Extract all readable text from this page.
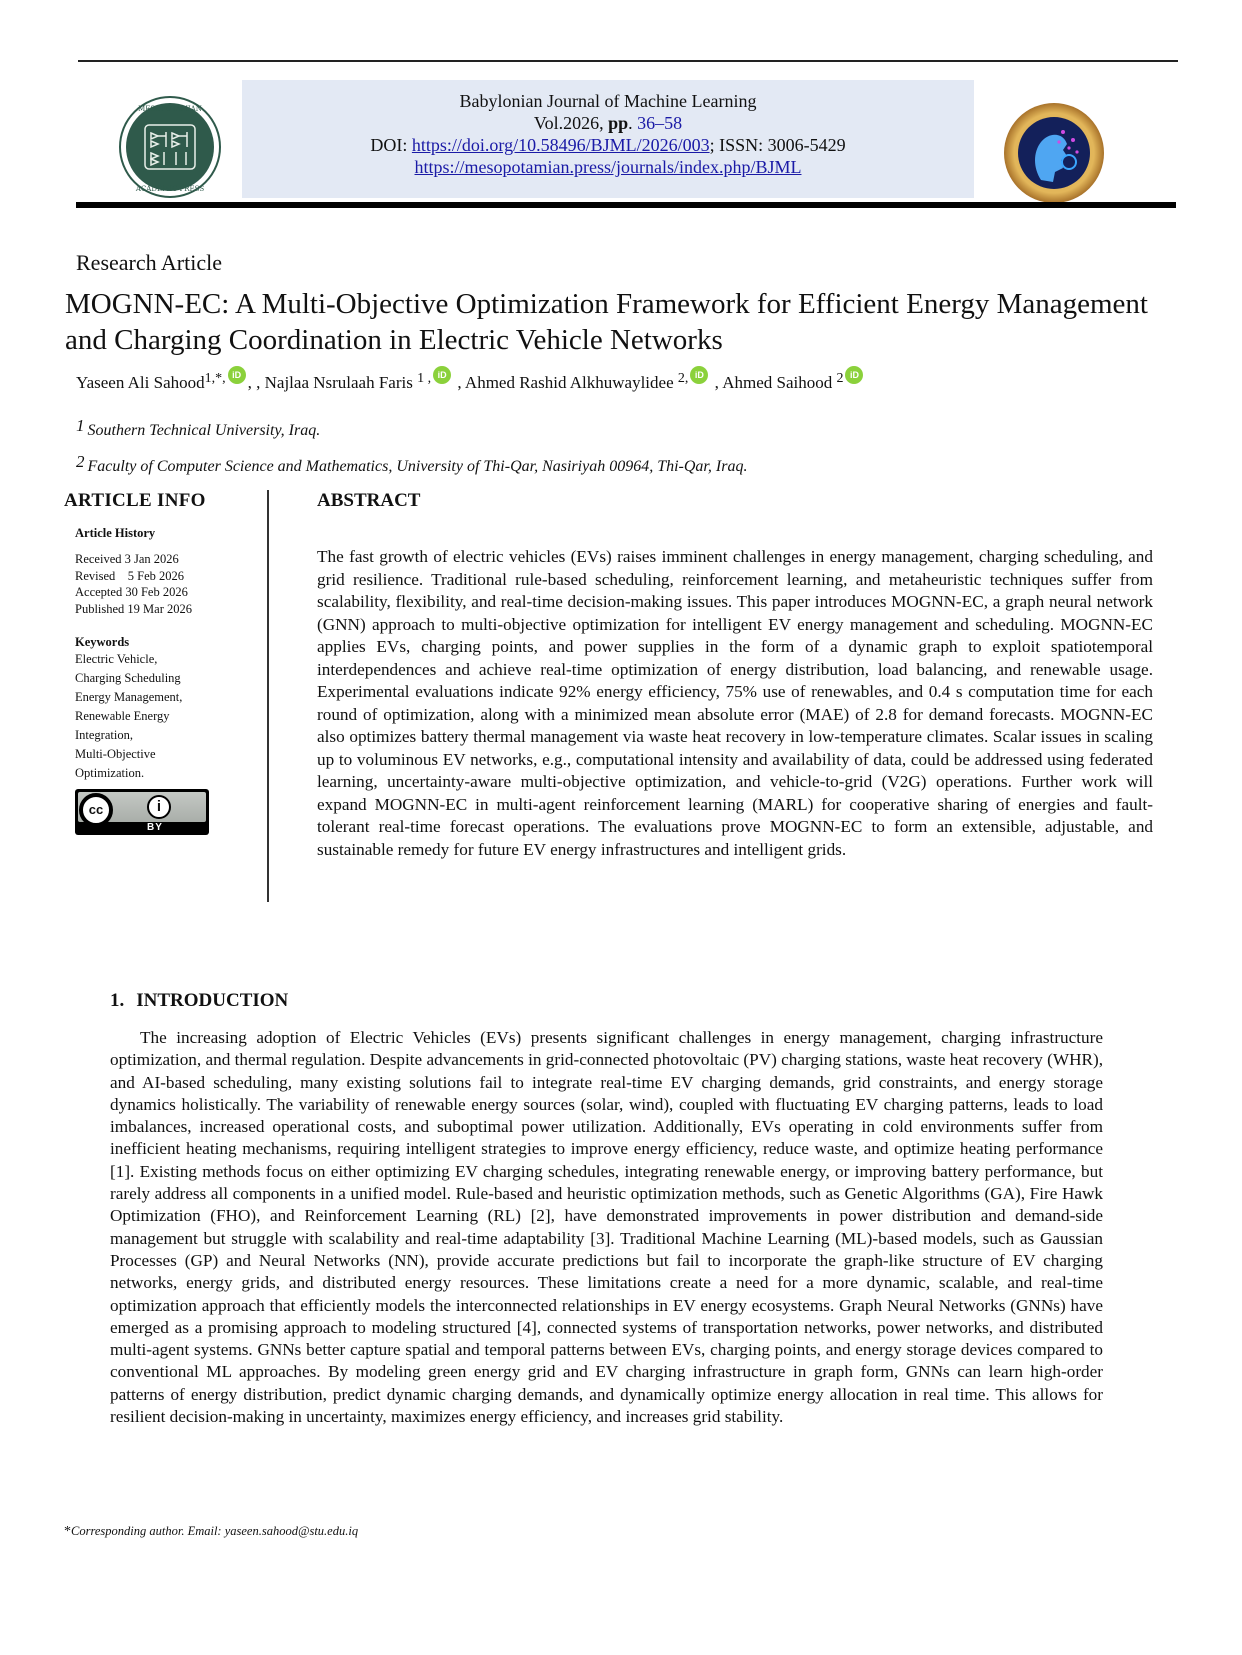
MESOPOTAMIAN
ACADEMIC PRESS
Babylonian Journal of Machine Learning
Vol.2026, pp. 36–58
DOI: https://doi.org/10.58496/BJML/2026/003; ISSN: 3006-5429
https://mesopotamian.press/journals/index.php/BJML
Research Article
MOGNN-EC: A Multi-Objective Optimization Framework for Efficient Energy Management and Charging Coordination in Electric Vehicle Networks
Yaseen Ali Sahood$^{1,*,}$ iD , , Najlaa Nsrulaah Faris $^{1 ,}$ iD , Ahmed Rashid Alkhuwaylidee $^{2,}$ iD , Ahmed Saihood $^2$ iD
$^1$ Southern Technical University, Iraq.
$^2$ Faculty of Computer Science and Mathematics, University of Thi-Qar, Nasiriyah 00964, Thi-Qar, Iraq.
ARTICLE INFO
Article History
Received 3 Jan 2026
Revised    5 Feb 2026
Accepted 30 Feb 2026
Published 19 Mar 2026
Keywords
Electric Vehicle,
Charging Scheduling
Energy Management,
Renewable Energy
Integration,
Multi-Objective
Optimization.
cc	i
BY
ABSTRACT

The fast growth of electric vehicles (EVs) raises imminent challenges in energy management, charging scheduling, and grid resilience. Traditional rule-based scheduling, reinforcement learning, and metaheuristic techniques suffer from scalability, flexibility, and real-time decision-making issues. This paper introduces MOGNN-EC, a graph neural network (GNN) approach to multi-objective optimization for intelligent EV energy management and scheduling. MOGNN-EC applies EVs, charging points, and power supplies in the form of a dynamic graph to exploit spatiotemporal interdependences and achieve real-time optimization of energy distribution, load balancing, and renewable usage. Experimental evaluations indicate 92% energy efficiency, 75% use of renewables, and 0.4 s computation time for each round of optimization, along with a minimized mean absolute error (MAE) of 2.8 for demand forecasts. MOGNN-EC also optimizes battery thermal management via waste heat recovery in low-temperature climates. Scalar issues in scaling up to voluminous EV networks, e.g., computational intensity and availability of data, could be addressed using federated learning, uncertainty-aware multi-objective optimization, and vehicle-to-grid (V2G) operations. Further work will expand MOGNN-EC in multi-agent reinforcement learning (MARL) for cooperative sharing of energies and fault-tolerant real-time forecast operations. The evaluations prove MOGNN-EC to form an extensible, adjustable, and sustainable remedy for future EV energy infrastructures and intelligent grids.

1. INTRODUCTION

The increasing adoption of Electric Vehicles (EVs) presents significant challenges in energy management, charging infrastructure optimization, and thermal regulation. Despite advancements in grid-connected photovoltaic (PV) charging stations, waste heat recovery (WHR), and AI-based scheduling, many existing solutions fail to integrate real-time EV charging demands, grid constraints, and energy storage dynamics holistically. The variability of renewable energy sources (solar, wind), coupled with fluctuating EV charging patterns, leads to load imbalances, increased operational costs, and suboptimal power utilization. Additionally, EVs operating in cold environments suffer from inefficient heating mechanisms, requiring intelligent strategies to improve energy efficiency, reduce waste, and optimize heating performance [1]. Existing methods focus on either optimizing EV charging schedules, integrating renewable energy, or improving battery performance, but rarely address all components in a unified model. Rule-based and heuristic optimization methods, such as Genetic Algorithms (GA), Fire Hawk Optimization (FHO), and Reinforcement Learning (RL) [2], have demonstrated improvements in power distribution and demand-side management but struggle with scalability and real-time adaptability [3]. Traditional Machine Learning (ML)-based models, such as Gaussian Processes (GP) and Neural Networks (NN), provide accurate predictions but fail to incorporate the graph-like structure of EV charging networks, energy grids, and distributed energy resources. These limitations create a need for a more dynamic, scalable, and real-time optimization approach that efficiently models the interconnected relationships in EV energy ecosystems. Graph Neural Networks (GNNs) have emerged as a promising approach to modeling structured [4], connected systems of transportation networks, power networks, and distributed multi-agent systems. GNNs better capture spatial and temporal patterns between EVs, charging points, and energy storage devices compared to conventional ML approaches. By modeling green energy grid and EV charging infrastructure in graph form, GNNs can learn high-order patterns of energy distribution, predict dynamic charging demands, and dynamically optimize energy allocation in real time. This allows for resilient decision-making in uncertainty, maximizes energy efficiency, and increases grid stability.

*Corresponding author. Email: yaseen.sahood@stu.edu.iq
